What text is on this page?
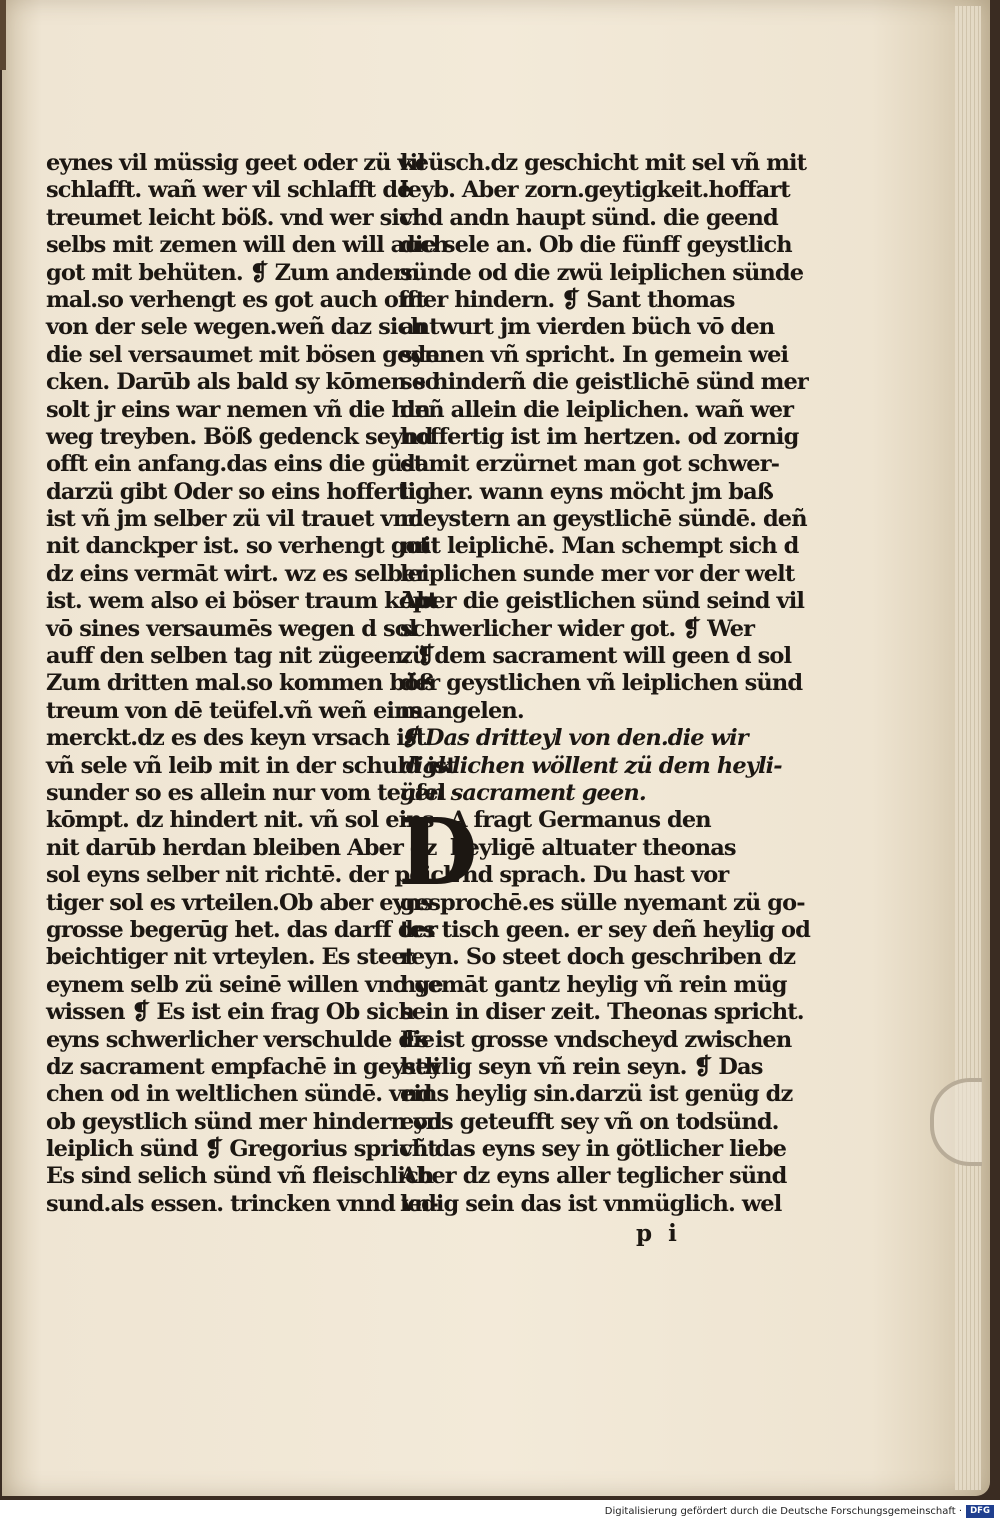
eynes vil müssig geet oder zü vil
schlafft. wañ wer vil schlafft dē
treumet leicht böß. vnd wer sich
selbs mit zemen will den will auch
got mit behüten. ❡ Zum andern
mal.so verhengt es got auch offt
von der sele wegen.weñ daz sich
die sel versaumet mit bösen geden
cken. Darūb als bald sy kōmen so
solt jr eins war nemen vñ die hin
weg treyben. Böß gedenck seynd
offt ein anfang.das eins die güst
darzü gibt Oder so eins hoffertig
ist vñ jm selber zü vil trauet vnd
nit danckper ist. so verhengt got
dz eins vermāt wirt. wz es selber
ist. wem also ei böser traum kōpt
vō sines versaumēs wegen d sol
auff den selben tag nit zügeen. ❡
Zum dritten mal.so kommen böß
treum von dē teüfel.vñ weñ eins
merckt.dz es des keyn vrsach ist.
vñ sele vñ leib mit in der schuld ist
sunder so es allein nur vom teüfel
kōmpt. dz hindert nit. vñ sol eins
nit darūb herdan bleiben Aber dz
sol eyns selber nit richtē. der peich
tiger sol es vrteilen.Ob aber eyns
grosse begerūg het. das darff der
beichtiger nit vrteylen. Es steet
eynem selb zü seinē willen vnd ge
wissen ❡ Es ist ein frag Ob sich
eyns schwerlicher verschulde die
dz sacrament empfachē in geystli
chen od in weltlichen sündē. vnd
ob geystlich sünd mer hindern od
leiplich sünd ❡ Gregorius spricht
Es sind selich sünd vñ fleischlich
sund.als essen. trincken vnnd vn-
keüsch.dz geschicht mit sel vñ mit
leyb. Aber zorn.geytigkeit.hoffart
vnd andn haupt sünd. die geend
die sele an. Ob die fünff geystlich
sünde od die zwü leiplichen sünde
mer hindern. ❡ Sant thomas
antwurt jm vierden büch vō den
synnen vñ spricht. In gemein wei
se hinderñ die geistlichē sünd mer
deñ allein die leiplichen. wañ wer
hoffertig ist im hertzen. od zornig
damit erzürnet man got schwer-
licher. wann eyns möcht jm baß
meystern an geystlichē sündē. deñ
mit leiplichē. Man schempt sich d
leiplichen sunde mer vor der welt
Aber die geistlichen sünd seind vil
schwerlicher wider got. ❡ Wer
zü dem sacrament will geen d sol
der geystlichen vñ leiplichen sünd
mangelen.
❡ Das dritteyl von den.die wir
digklichen wöllent zü dem heyli-
gen sacrament geen.
D
A fragt Germanus den
heyligē altuater theonas
vnd sprach. Du hast vor
gesprochē.es sülle nyemant zü go-
tes tisch geen. er sey deñ heylig od
reyn. So steet doch geschriben dz
nyemāt gantz heylig vñ rein müg
sein in diser zeit. Theonas spricht.
Es ist grosse vndscheyd zwischen
heylig seyn vñ rein seyn. ❡ Das
eins heylig sin.darzü ist genüg dz
eyns geteufft sey vñ on todsünd.
vñ das eyns sey in götlicher liebe
Aber dz eyns aller teglicher sünd
ledig sein das ist vnmüglich. wel
p i
Digitalisierung gefördert durch die Deutsche Forschungsgemeinschaft · DFG
